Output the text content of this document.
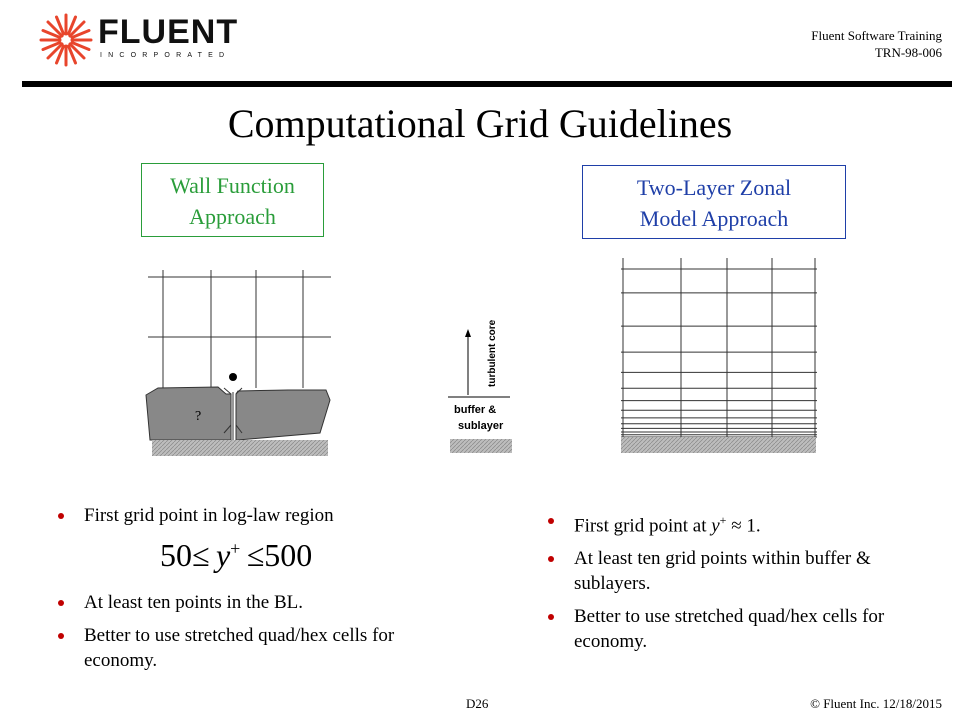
FLUENT
INCORPORATED
Fluent Software Training
TRN-98-006
Computational Grid Guidelines
Wall Function
Approach
Two-Layer Zonal
Model Approach
?
turbulent core
buffer &
sublayer
First grid point in log-law region
50≤  y+  ≤500
At least ten points in the BL.
Better to use stretched quad/hex cells for economy.
First grid point at y+ ≈ 1.
At least ten grid points within buffer & sublayers.
Better to use stretched quad/hex cells for economy.
D26	© Fluent Inc. 12/18/2015
